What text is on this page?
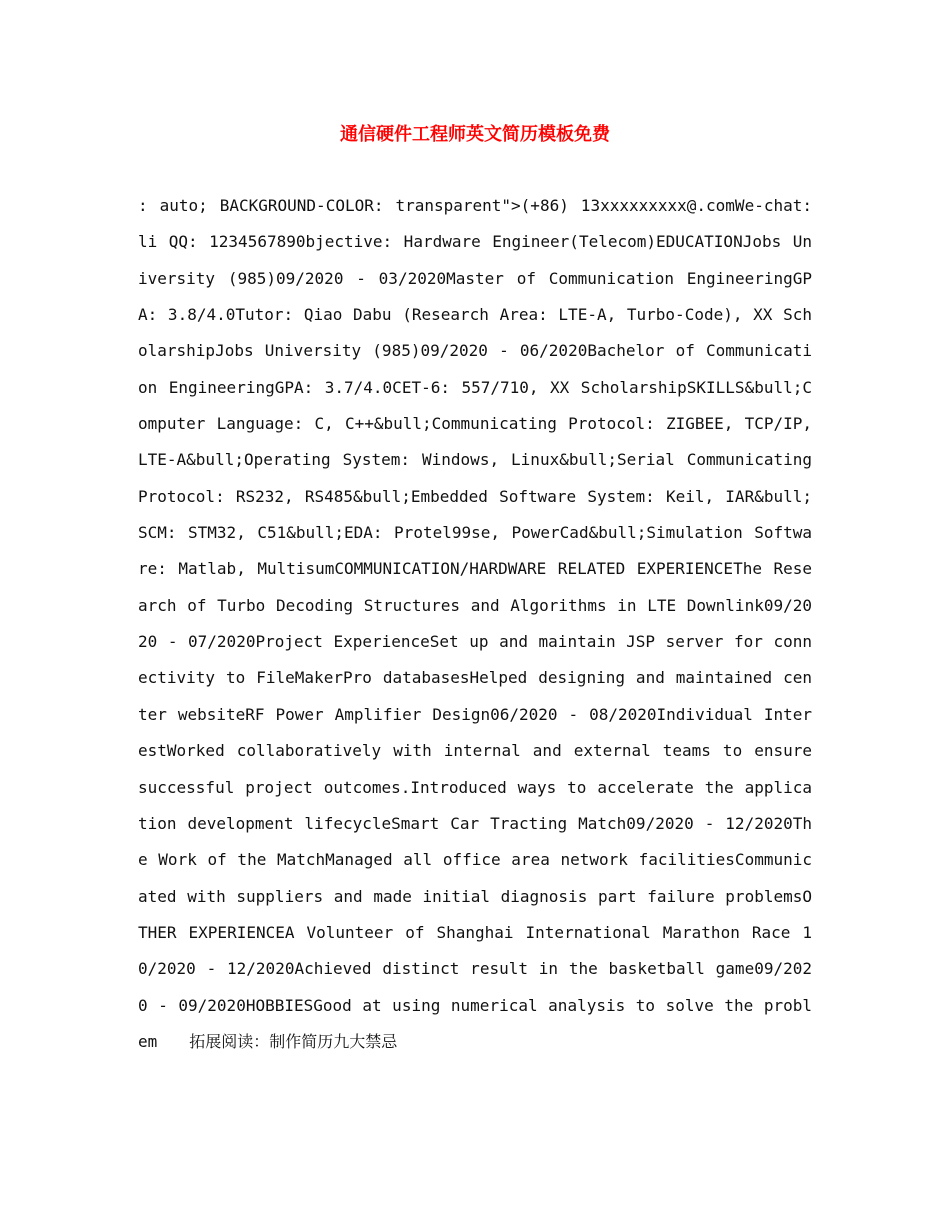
通信硬件工程师英文简历模板免费

: auto; BACKGROUND-COLOR: transparent">(+86) 13xxxxxxxxx@.comWe-chat: li QQ: 1234567890bjective: Hardware Engineer(Telecom)EDUCATIONJobs University (985)09/2020 - 03/2020Master of Communication EngineeringGPA: 3.8/4.0Tutor: Qiao Dabu (Research Area: LTE-A, Turbo-Code), XX ScholarshipJobs University (985)09/2020 - 06/2020Bachelor of Communication EngineeringGPA: 3.7/4.0CET-6: 557/710, XX ScholarshipSKILLS&bull;Computer Language: C, C++&bull;Communicating Protocol: ZIGBEE, TCP/IP, LTE-A&bull;Operating System: Windows, Linux&bull;Serial Communicating Protocol: RS232, RS485&bull;Embedded Software System: Keil, IAR&bull;SCM: STM32, C51&bull;EDA: Protel99se, PowerCad&bull;Simulation Software: Matlab, MultisumCOMMUNICATION/HARDWARE RELATED EXPERIENCEThe Research of Turbo Decoding Structures and Algorithms in LTE Downlink09/2020 - 07/2020Project ExperienceSet up and maintain JSP server for connectivity to FileMakerPro databasesHelped designing and maintained center websiteRF Power Amplifier Design06/2020 - 08/2020Individual InterestWorked collaboratively with internal and external teams to ensure successful project outcomes.Introduced ways to accelerate the application development lifecycleSmart Car Tracting Match09/2020 - 12/2020The Work of the MatchManaged all office area network facilitiesCommunicated with suppliers and made initial diagnosis part failure problemsOTHER EXPERIENCEA Volunteer of Shanghai International Marathon Race 10/2020 - 12/2020Achieved distinct result in the basketball game09/2020 - 09/2020HOBBIESGood at using numerical analysis to solve the problem 拓展阅读：制作简历九大禁忌
